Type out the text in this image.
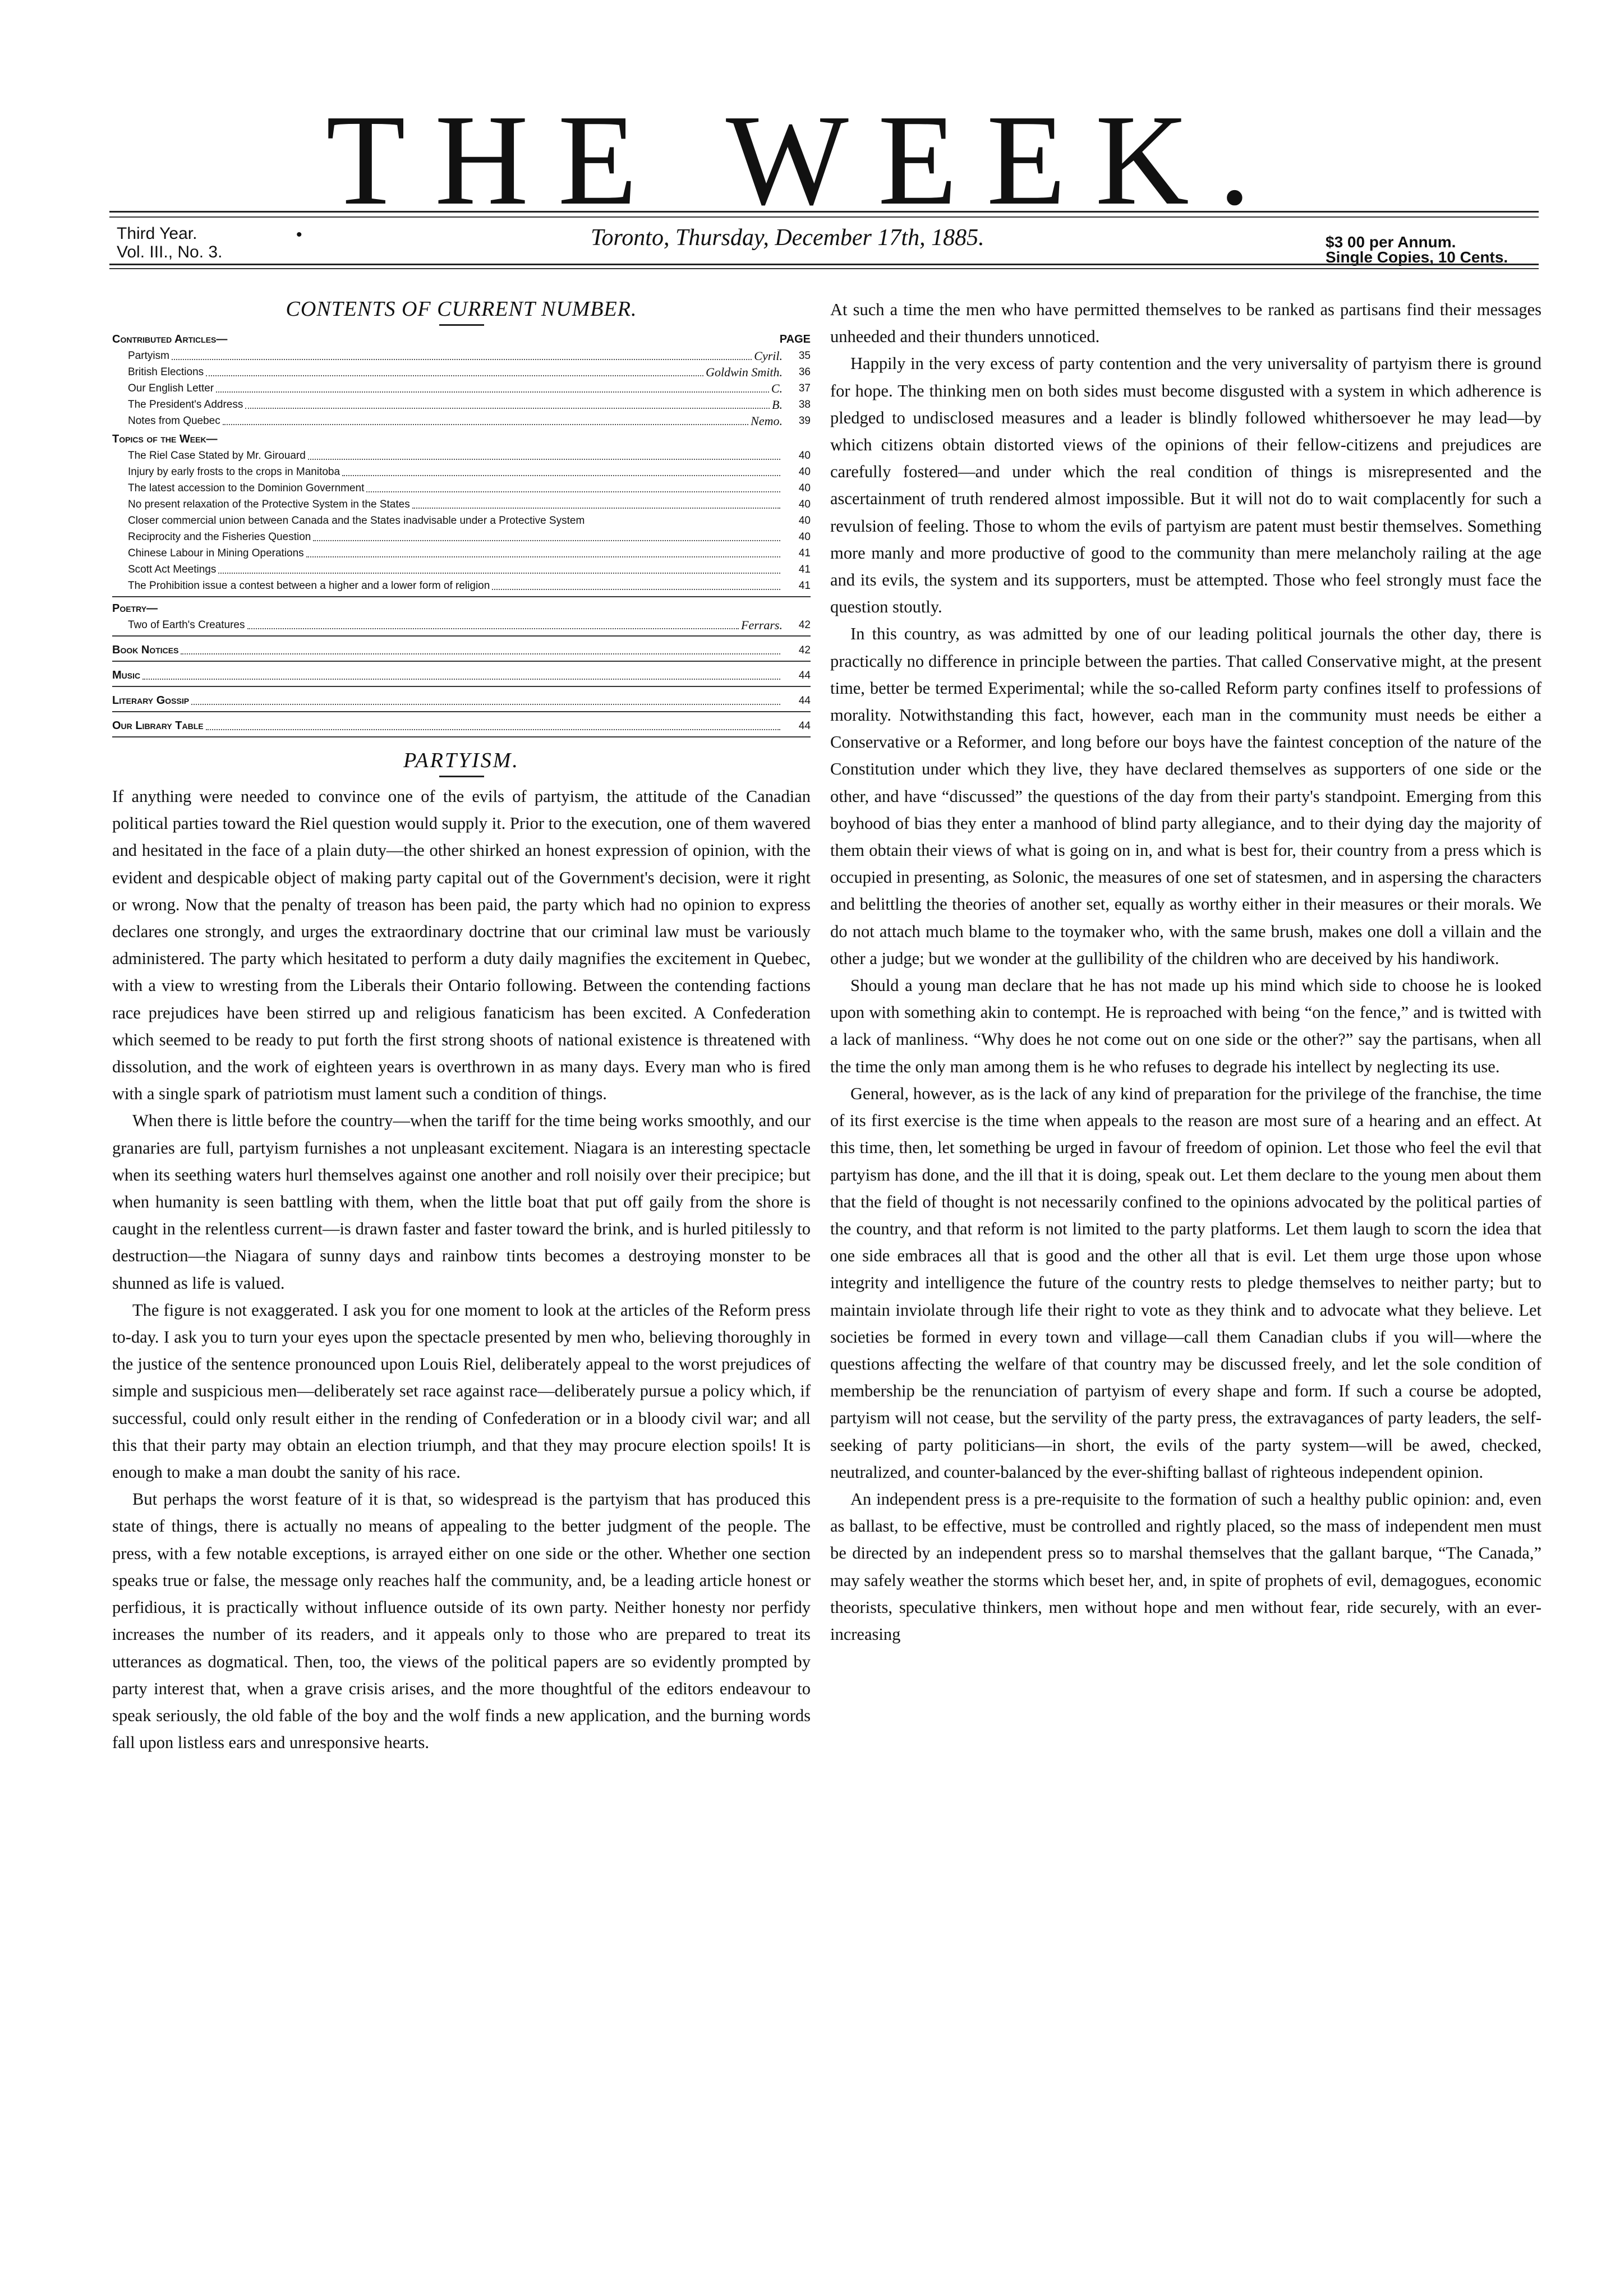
THE WEEK.
Third Year.
Vol. III., No. 3.
•	Toronto, Thursday, December 17th, 1885.	$3 00 per Annum.
Single Copies, 10 Cents.
CONTENTS OF CURRENT NUMBER.
Contributed Articles—	PAGE
Partyism	Cyril.	35
British Elections	Goldwin Smith.	36
Our English Letter	C.	37
The President's Address	B.	38
Notes from Quebec	Nemo.	39
Topics of the Week—
The Riel Case Stated by Mr. Girouard	40
Injury by early frosts to the crops in Manitoba	40
The latest accession to the Dominion Government	40
No present relaxation of the Protective System in the States	40
Closer commercial union between Canada and the States inadvisable under a Protective System	40
Reciprocity and the Fisheries Question	40
Chinese Labour in Mining Operations	41
Scott Act Meetings	41
The Prohibition issue a contest between a higher and a lower form of religion	41
Poetry—
Two of Earth's Creatures	Ferrars.	42
Book Notices	42
Music	44
Literary Gossip	44
Our Library Table	44
PARTYISM.

If anything were needed to convince one of the evils of partyism, the attitude of the Canadian political parties toward the Riel question would supply it. Prior to the execution, one of them wavered and hesitated in the face of a plain duty—the other shirked an honest expression of opinion, with the evident and despicable object of making party capital out of the Government's decision, were it right or wrong. Now that the penalty of treason has been paid, the party which had no opinion to express declares one strongly, and urges the extraordinary doctrine that our criminal law must be variously administered. The party which hesitated to perform a duty daily magnifies the excitement in Quebec, with a view to wresting from the Liberals their Ontario following. Between the contending factions race prejudices have been stirred up and religious fanaticism has been excited. A Confederation which seemed to be ready to put forth the first strong shoots of national existence is threatened with dissolution, and the work of eighteen years is overthrown in as many days. Every man who is fired with a single spark of patriotism must lament such a condition of things.

When there is little before the country—when the tariff for the time being works smoothly, and our granaries are full, partyism furnishes a not unpleasant excitement. Niagara is an interesting spectacle when its seething waters hurl themselves against one another and roll noisily over their precipice; but when humanity is seen battling with them, when the little boat that put off gaily from the shore is caught in the relentless current—is drawn faster and faster toward the brink, and is hurled pitilessly to destruction—the Niagara of sunny days and rainbow tints becomes a destroying monster to be shunned as life is valued.

The figure is not exaggerated. I ask you for one moment to look at the articles of the Reform press to-day. I ask you to turn your eyes upon the spectacle presented by men who, believing thoroughly in the justice of the sentence pronounced upon Louis Riel, deliberately appeal to the worst prejudices of simple and suspicious men—deliberately set race against race—deliberately pursue a policy which, if successful, could only result either in the rending of Confederation or in a bloody civil war; and all this that their party may obtain an election triumph, and that they may procure election spoils! It is enough to make a man doubt the sanity of his race.

But perhaps the worst feature of it is that, so widespread is the partyism that has produced this state of things, there is actually no means of appealing to the better judgment of the people. The press, with a few notable exceptions, is arrayed either on one side or the other. Whether one section speaks true or false, the message only reaches half the community, and, be a leading article honest or perfidious, it is practically without influence outside of its own party. Neither honesty nor perfidy increases the number of its readers, and it appeals only to those who are prepared to treat its utterances as dogmatical. Then, too, the views of the political papers are so evidently prompted by party interest that, when a grave crisis arises, and the more thoughtful of the editors endeavour to speak seriously, the old fable of the boy and the wolf finds a new application, and the burning words fall upon listless ears and unresponsive hearts.

At such a time the men who have permitted themselves to be ranked as partisans find their messages unheeded and their thunders unnoticed.

Happily in the very excess of party contention and the very universality of partyism there is ground for hope. The thinking men on both sides must become disgusted with a system in which adherence is pledged to undisclosed measures and a leader is blindly followed whithersoever he may lead—by which citizens obtain distorted views of the opinions of their fellow-citizens and prejudices are carefully fostered—and under which the real condition of things is misrepresented and the ascertainment of truth rendered almost impossible. But it will not do to wait complacently for such a revulsion of feeling. Those to whom the evils of partyism are patent must bestir themselves. Something more manly and more productive of good to the community than mere melancholy railing at the age and its evils, the system and its supporters, must be attempted. Those who feel strongly must face the question stoutly.

In this country, as was admitted by one of our leading political journals the other day, there is practically no difference in principle between the parties. That called Conservative might, at the present time, better be termed Experimental; while the so-called Reform party confines itself to professions of morality. Notwithstanding this fact, however, each man in the community must needs be either a Conservative or a Reformer, and long before our boys have the faintest conception of the nature of the Constitution under which they live, they have declared themselves as supporters of one side or the other, and have “discussed” the questions of the day from their party's standpoint. Emerging from this boyhood of bias they enter a manhood of blind party allegiance, and to their dying day the majority of them obtain their views of what is going on in, and what is best for, their country from a press which is occupied in presenting, as Solonic, the measures of one set of statesmen, and in aspersing the characters and belittling the theories of another set, equally as worthy either in their measures or their morals. We do not attach much blame to the toymaker who, with the same brush, makes one doll a villain and the other a judge; but we wonder at the gullibility of the children who are deceived by his handiwork.

Should a young man declare that he has not made up his mind which side to choose he is looked upon with something akin to contempt. He is reproached with being “on the fence,” and is twitted with a lack of manliness. “Why does he not come out on one side or the other?” say the partisans, when all the time the only man among them is he who refuses to degrade his intellect by neglecting its use.

General, however, as is the lack of any kind of preparation for the privilege of the franchise, the time of its first exercise is the time when appeals to the reason are most sure of a hearing and an effect. At this time, then, let something be urged in favour of freedom of opinion. Let those who feel the evil that partyism has done, and the ill that it is doing, speak out. Let them declare to the young men about them that the field of thought is not necessarily confined to the opinions advocated by the political parties of the country, and that reform is not limited to the party platforms. Let them laugh to scorn the idea that one side embraces all that is good and the other all that is evil. Let them urge those upon whose integrity and intelligence the future of the country rests to pledge themselves to neither party; but to maintain inviolate through life their right to vote as they think and to advocate what they believe. Let societies be formed in every town and village—call them Canadian clubs if you will—where the questions affecting the welfare of that country may be discussed freely, and let the sole condition of membership be the renunciation of partyism of every shape and form. If such a course be adopted, partyism will not cease, but the servility of the party press, the extravagances of party leaders, the self-seeking of party politicians—in short, the evils of the party system—will be awed, checked, neutralized, and counter-balanced by the ever-shifting ballast of righteous independent opinion.

An independent press is a pre-requisite to the formation of such a healthy public opinion: and, even as ballast, to be effective, must be controlled and rightly placed, so the mass of independent men must be directed by an independent press so to marshal themselves that the gallant barque, “The Canada,” may safely weather the storms which beset her, and, in spite of prophets of evil, demagogues, economic theorists, speculative thinkers, men without hope and men without fear, ride securely, with an ever-increasing
